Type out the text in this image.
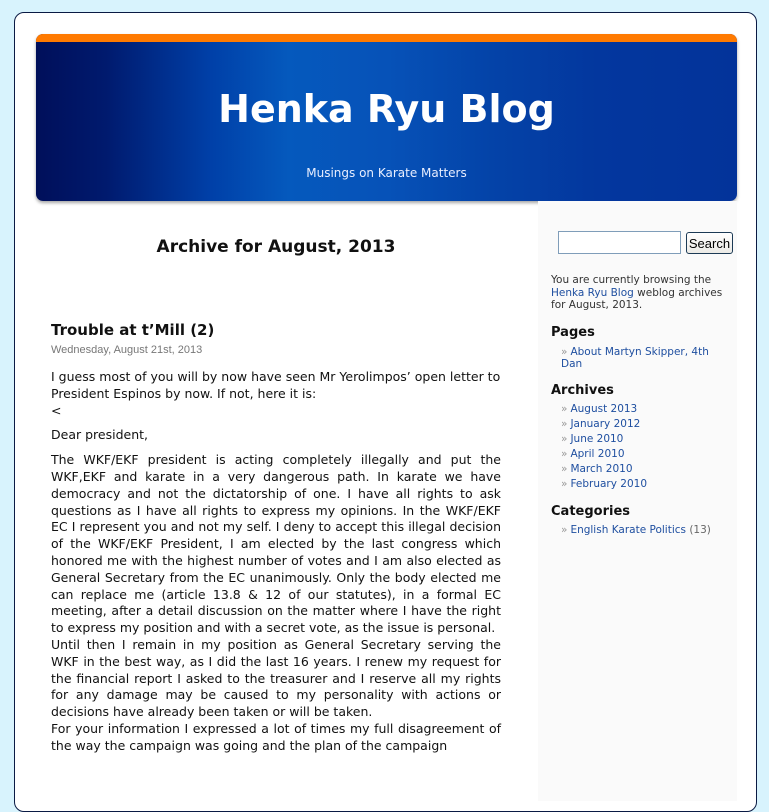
Henka Ryu Blog
Musings on Karate Matters
Archive for August, 2013
Trouble at t’Mill (2)
Wednesday, August 21st, 2013

I guess most of you will by now have seen Mr Yerolimpos’ open letter to President Espinos by now. If not, here it is:
<

Dear president,

The WKF/EKF president is acting completely illegally and put the WKF,EKF and karate in a very dangerous path. In karate we have democracy and not the dictatorship of one. I have all rights to ask questions as I have all rights to express my opinions. In the WKF/EKF EC I represent you and not my self. I deny to accept this illegal decision of the WKF/EKF President, I am elected by the last congress which honored me with the highest number of votes and I am also elected as General Secretary from the EC unanimously. Only the body elected me can replace me (article 13.8 & 12 of our statutes), in a formal EC meeting, after a detail discussion on the matter where I have the right to express my position and with a secret vote, as the issue is personal.

Until then I remain in my position as General Secretary serving the WKF in the best way, as I did the last 16 years. I renew my request for the financial report I asked to the treasurer and I reserve all my rights for any damage may be caused to my personality with actions or decisions have already been taken or will be taken.

For your information I expressed a lot of times my full disagreement of the way the campaign was going and the plan of the campaign

Search
You are currently browsing the Henka Ryu Blog weblog archives for August, 2013.
Pages
» About Martyn Skipper, 4th Dan
Archives
» August 2013
» January 2012
» June 2010
» April 2010
» March 2010
» February 2010
Categories
» English Karate Politics (13)
